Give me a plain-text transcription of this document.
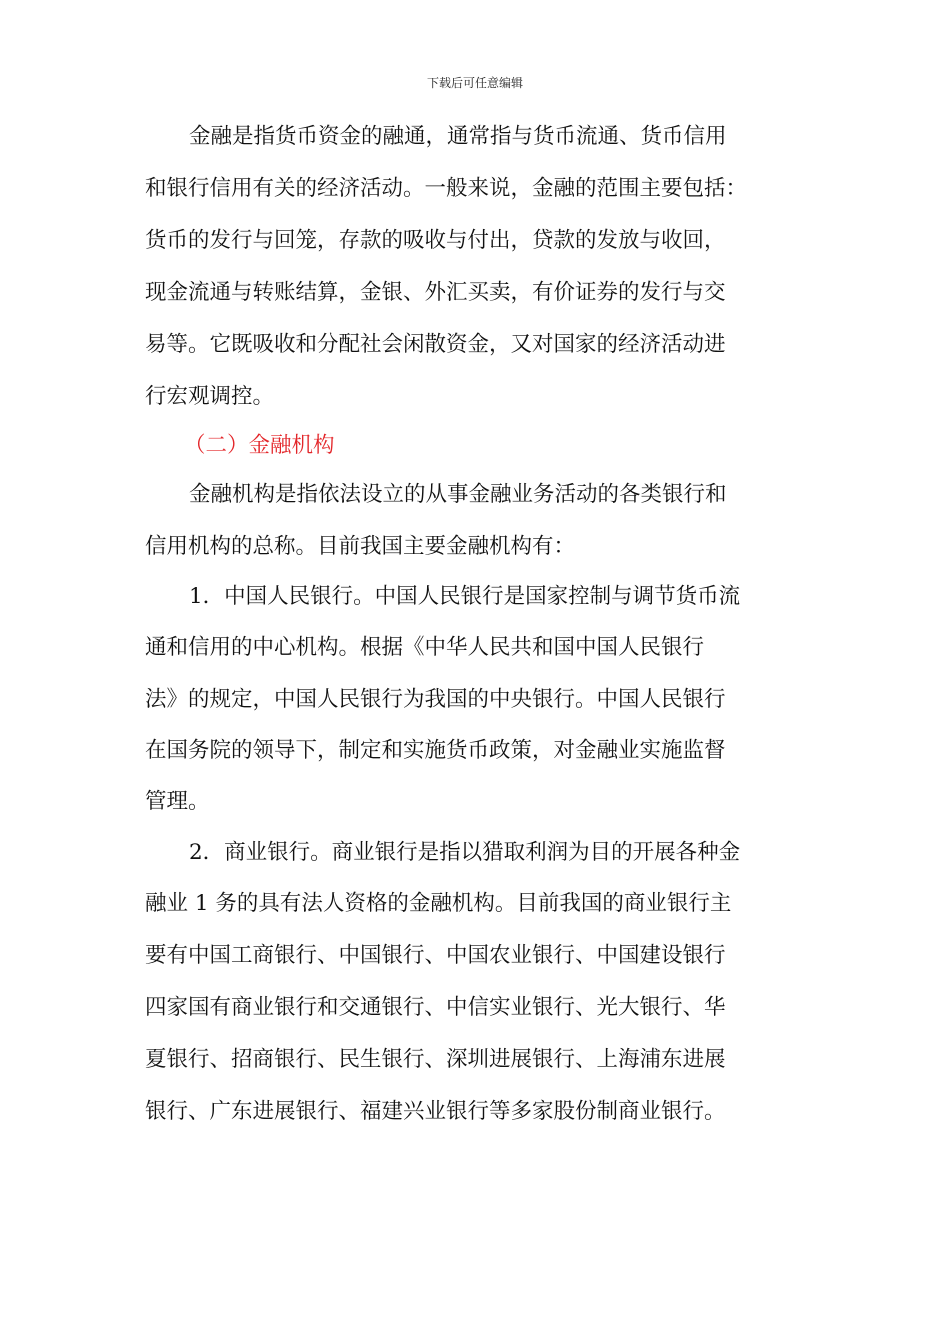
下载后可任意编辑
金融是指货币资金的融通，通常指与货币流通、货币信用
和银行信用有关的经济活动。一般来说，金融的范围主要包括：
货币的发行与回笼，存款的吸收与付出，贷款的发放与收回，
现金流通与转账结算，金银、外汇买卖，有价证券的发行与交
易等。它既吸收和分配社会闲散资金，又对国家的经济活动进
行宏观调控。
（二）金融机构
金融机构是指依法设立的从事金融业务活动的各类银行和
信用机构的总称。目前我国主要金融机构有：
1．中国人民银行。中国人民银行是国家控制与调节货币流
通和信用的中心机构。根据《中华人民共和国中国人民银行
法》的规定，中国人民银行为我国的中央银行。中国人民银行
在国务院的领导下，制定和实施货币政策，对金融业实施监督
管理。
2．商业银行。商业银行是指以猎取利润为目的开展各种金
融业 1 务的具有法人资格的金融机构。目前我国的商业银行主
要有中国工商银行、中国银行、中国农业银行、中国建设银行
四家国有商业银行和交通银行、中信实业银行、光大银行、华
夏银行、招商银行、民生银行、深圳进展银行、上海浦东进展
银行、广东进展银行、福建兴业银行等多家股份制商业银行。
